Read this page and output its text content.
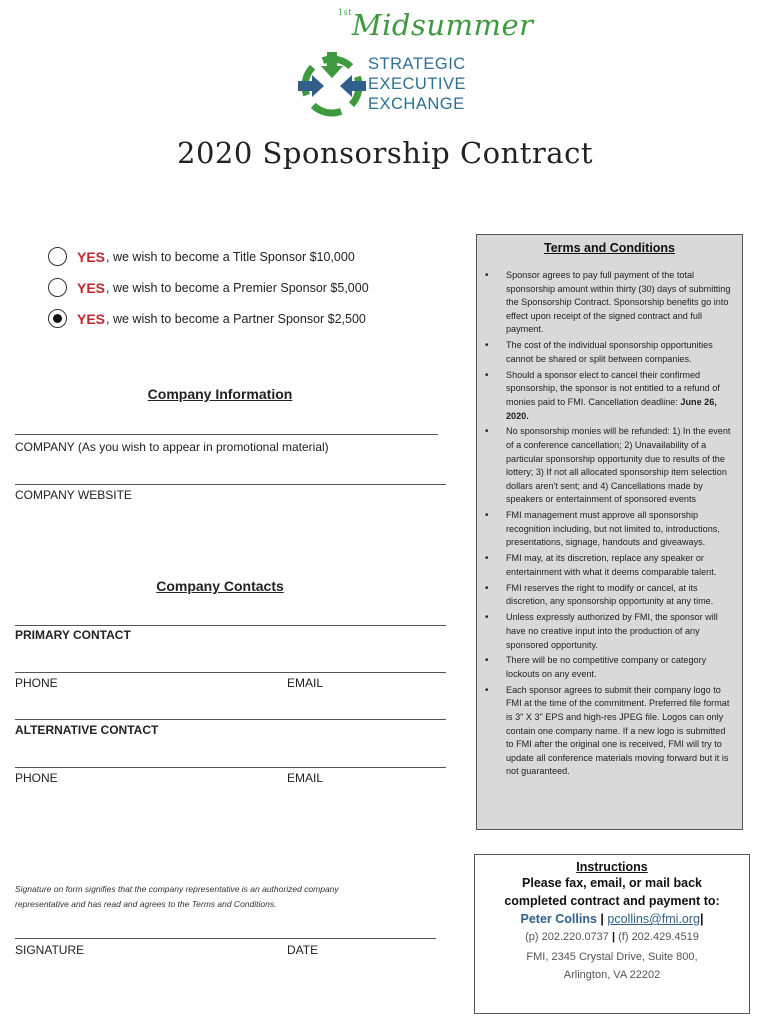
$^{1st}$Midsummer
STRATEGIC
EXECUTIVE
EXCHANGE
2020 Sponsorship Contract
YES , we wish to become a Title Sponsor $10,000
YES , we wish to become a Premier Sponsor $5,000
YES , we wish to become a Partner Sponsor $2,500
Company Information
COMPANY (As you wish to appear in promotional material)
COMPANY WEBSITE
Company Contacts
PRIMARY CONTACT
PHONE	EMAIL
ALTERNATIVE CONTACT
PHONE	EMAIL
Signature on form signifies that the company representative is an authorized company representative and has read and agrees to the Terms and Conditions.
SIGNATURE	DATE
Terms and Conditions
• Sponsor agrees to pay full payment of the total sponsorship amount within thirty (30) days of submitting the Sponsorship Contract. Sponsorship benefits go into effect upon receipt of the signed contract and full payment.
• The cost of the individual sponsorship opportunities cannot be shared or split between companies.
• Should a sponsor elect to cancel their confirmed sponsorship, the sponsor is not entitled to a refund of monies paid to FMI. Cancellation deadline: June 26, 2020.
• No sponsorship monies will be refunded: 1) In the event of a conference cancellation; 2) Unavailability of a particular sponsorship opportunity due to results of the lottery; 3) If not all allocated sponsorship item selection dollars aren't sent; and 4) Cancellations made by speakers or entertainment of sponsored events
• FMI management must approve all sponsorship recognition including, but not limited to, introductions, presentations, signage, handouts and giveaways.
• FMI may, at its discretion, replace any speaker or entertainment with what it deems comparable talent.
• FMI reserves the right to modify or cancel, at its discretion, any sponsorship opportunity at any time.
• Unless expressly authorized by FMI, the sponsor will have no creative input into the production of any sponsored opportunity.
• There will be no competitive company or category lockouts on any event.
• Each sponsor agrees to submit their company logo to FMI at the time of the commitment. Preferred file format is 3" X 3" EPS and high-res JPEG file. Logos can only contain one company name. If a new logo is submitted to FMI after the original one is received, FMI will try to update all conference materials moving forward but it is not guaranteed.
Instructions
Please fax, email, or mail back
completed contract and payment to:
Peter Collins | pcollins@fmi.org|
(p) 202.220.0737 | (f) 202.429.4519
FMI, 2345 Crystal Drive, Suite 800,
Arlington, VA 22202
